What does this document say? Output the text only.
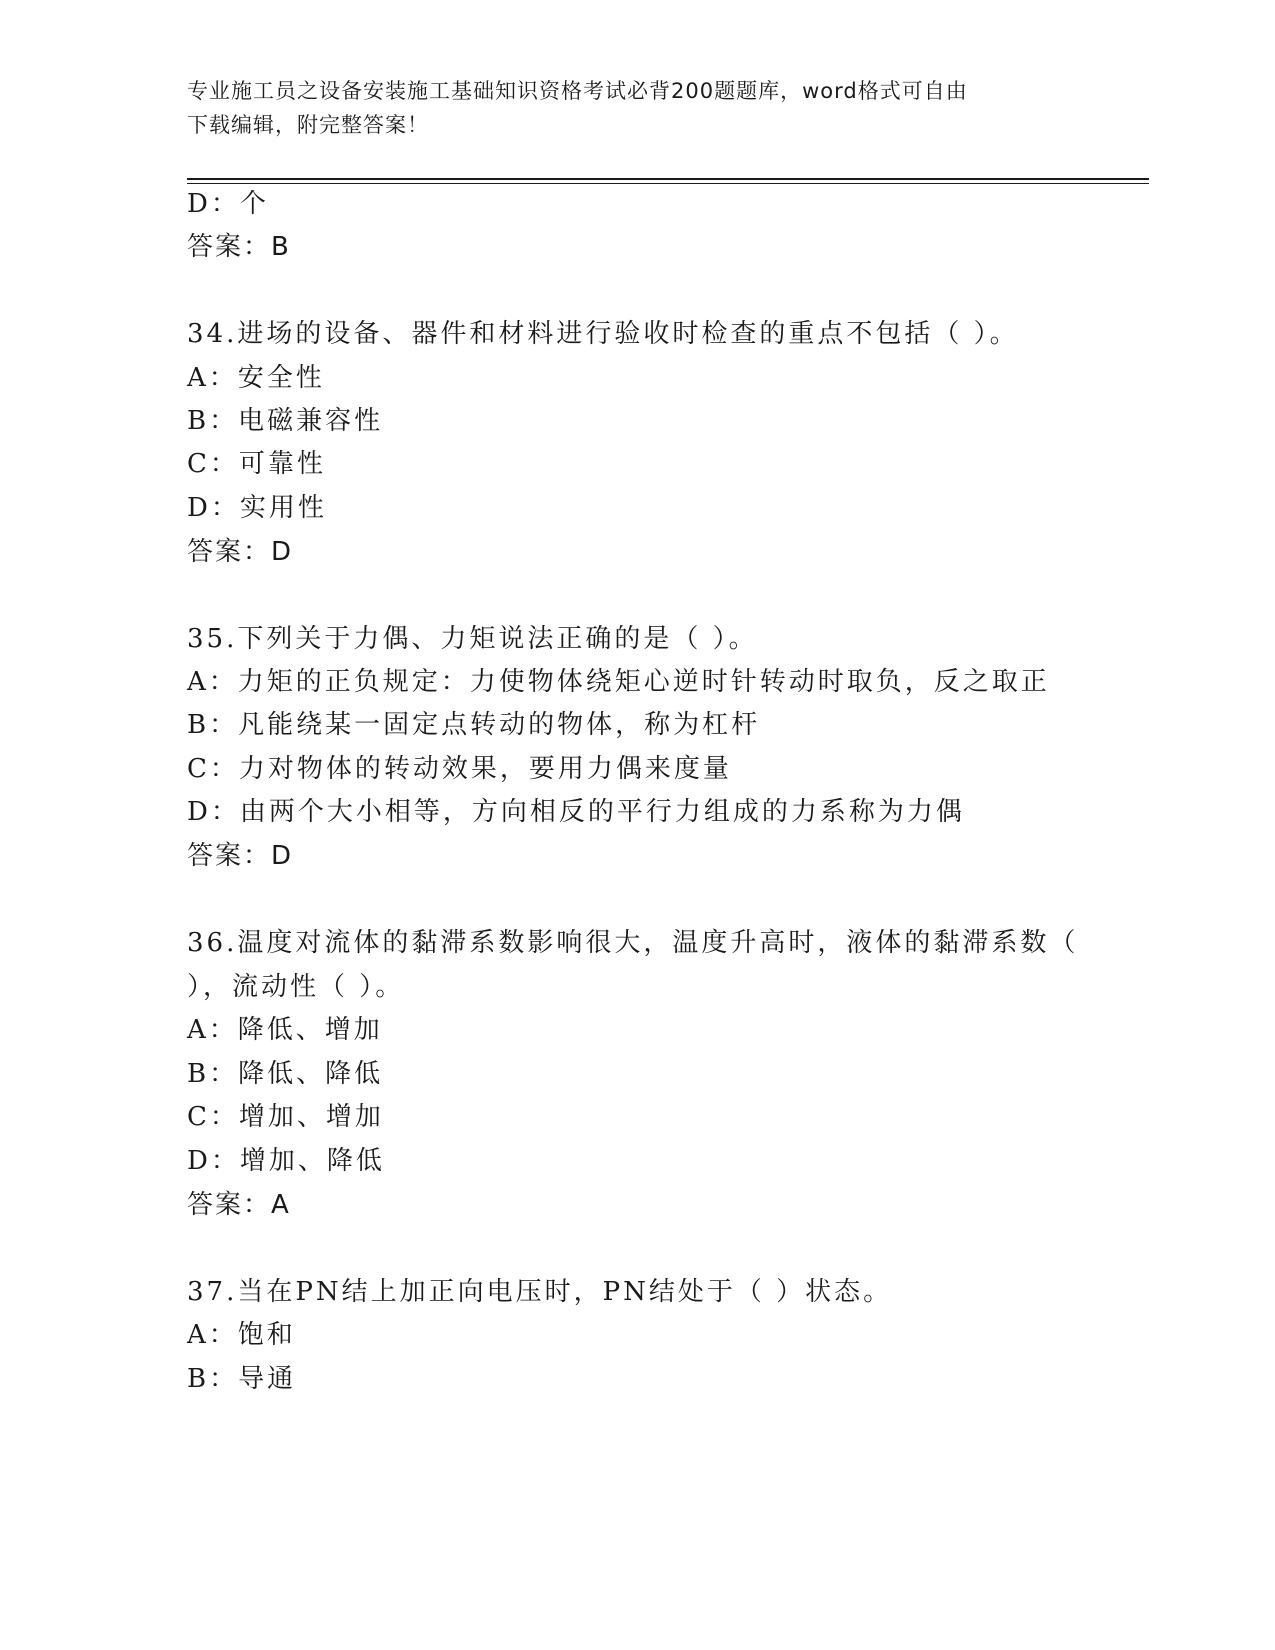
专业施工员之设备安装施工基础知识资格考试必背200题题库，word格式可自由
下载编辑，附完整答案！
D：个
答案：B
34.进场的设备、器件和材料进行验收时检查的重点不包括（ ）。
A：安全性
B：电磁兼容性
C：可靠性
D：实用性
答案：D
35.下列关于力偶、力矩说法正确的是（ ）。
A：力矩的正负规定：力使物体绕矩心逆时针转动时取负，反之取正
B：凡能绕某一固定点转动的物体，称为杠杆
C：力对物体的转动效果，要用力偶来度量
D：由两个大小相等，方向相反的平行力组成的力系称为力偶
答案：D
36.温度对流体的黏滞系数影响很大，温度升高时，液体的黏滞系数（
），流动性（ ）。
A：降低、增加
B：降低、降低
C：增加、增加
D：增加、降低
答案：A
37.当在PN结上加正向电压时，PN结处于（ ）状态。
A：饱和
B：导通
